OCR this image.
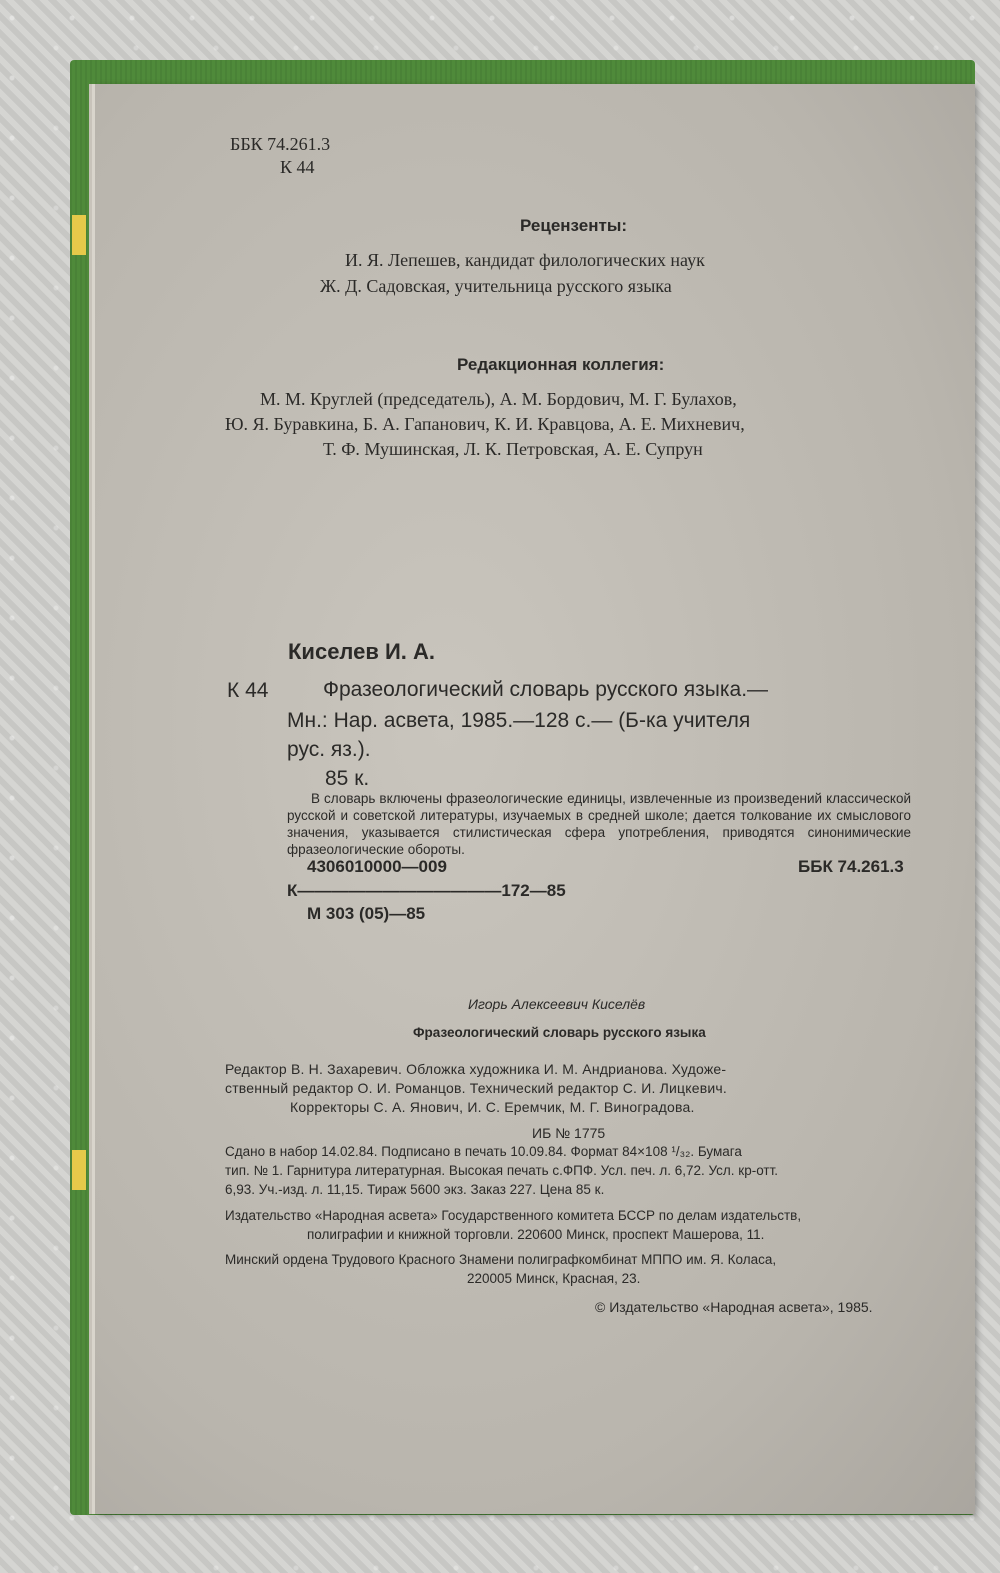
ББК 74.261.3
К 44
Рецензенты:
И. Я. Лепешев, кандидат филологических наук
Ж. Д. Садовская, учительница русского языка
Редакционная коллегия:
М. М. Круглей (председатель), А. М. Бордович, М. Г. Булахов,
Ю. Я. Буравкина, Б. А. Гапанович, К. И. Кравцова, А. Е. Михневич,
Т. Ф. Мушинская, Л. К. Петровская, А. Е. Супрун
Киселев И. А.
К 44	Фразеологический словарь русского языка.—
Мн.: Нар. асвета, 1985.—128 с.— (Б-ка учителя
рус. яз.).
85 к.
В словарь включены фразеологические единицы, извлеченные из произведений классической русской и советской литературы, изучаемых в средней школе; дается толкование их смыслового значения, указывается стилистическая сфера употребления, приводятся синонимические фразеологические обороты.
4306010000—009
К————————————172—85
М 303 (05)—85
ББК 74.261.3
Игорь Алексеевич Киселёв
Фразеологический словарь русского языка
Редактор В. Н. Захаревич. Обложка художника И. М. Андрианова. Художе-
ственный редактор О. И. Романцов. Технический редактор С. И. Лицкевич.
Корректоры С. А. Янович, И. С. Еремчик, М. Г. Виноградова.
ИБ № 1775
Сдано в набор 14.02.84. Подписано в печать 10.09.84. Формат 84×108 ¹/₃₂. Бумага
тип. № 1. Гарнитура литературная. Высокая печать с.ФПФ. Усл. печ. л. 6,72. Усл. кр-отт.
6,93. Уч.-изд. л. 11,15. Тираж 5600 экз. Заказ 227. Цена 85 к.
Издательство «Народная асвета» Государственного комитета БССР по делам издательств,
полиграфии и книжной торговли. 220600 Минск, проспект Машерова, 11.
Минский ордена Трудового Красного Знамени полиграфкомбинат МППО им. Я. Коласа,
220005 Минск, Красная, 23.
© Издательство «Народная асвета», 1985.
